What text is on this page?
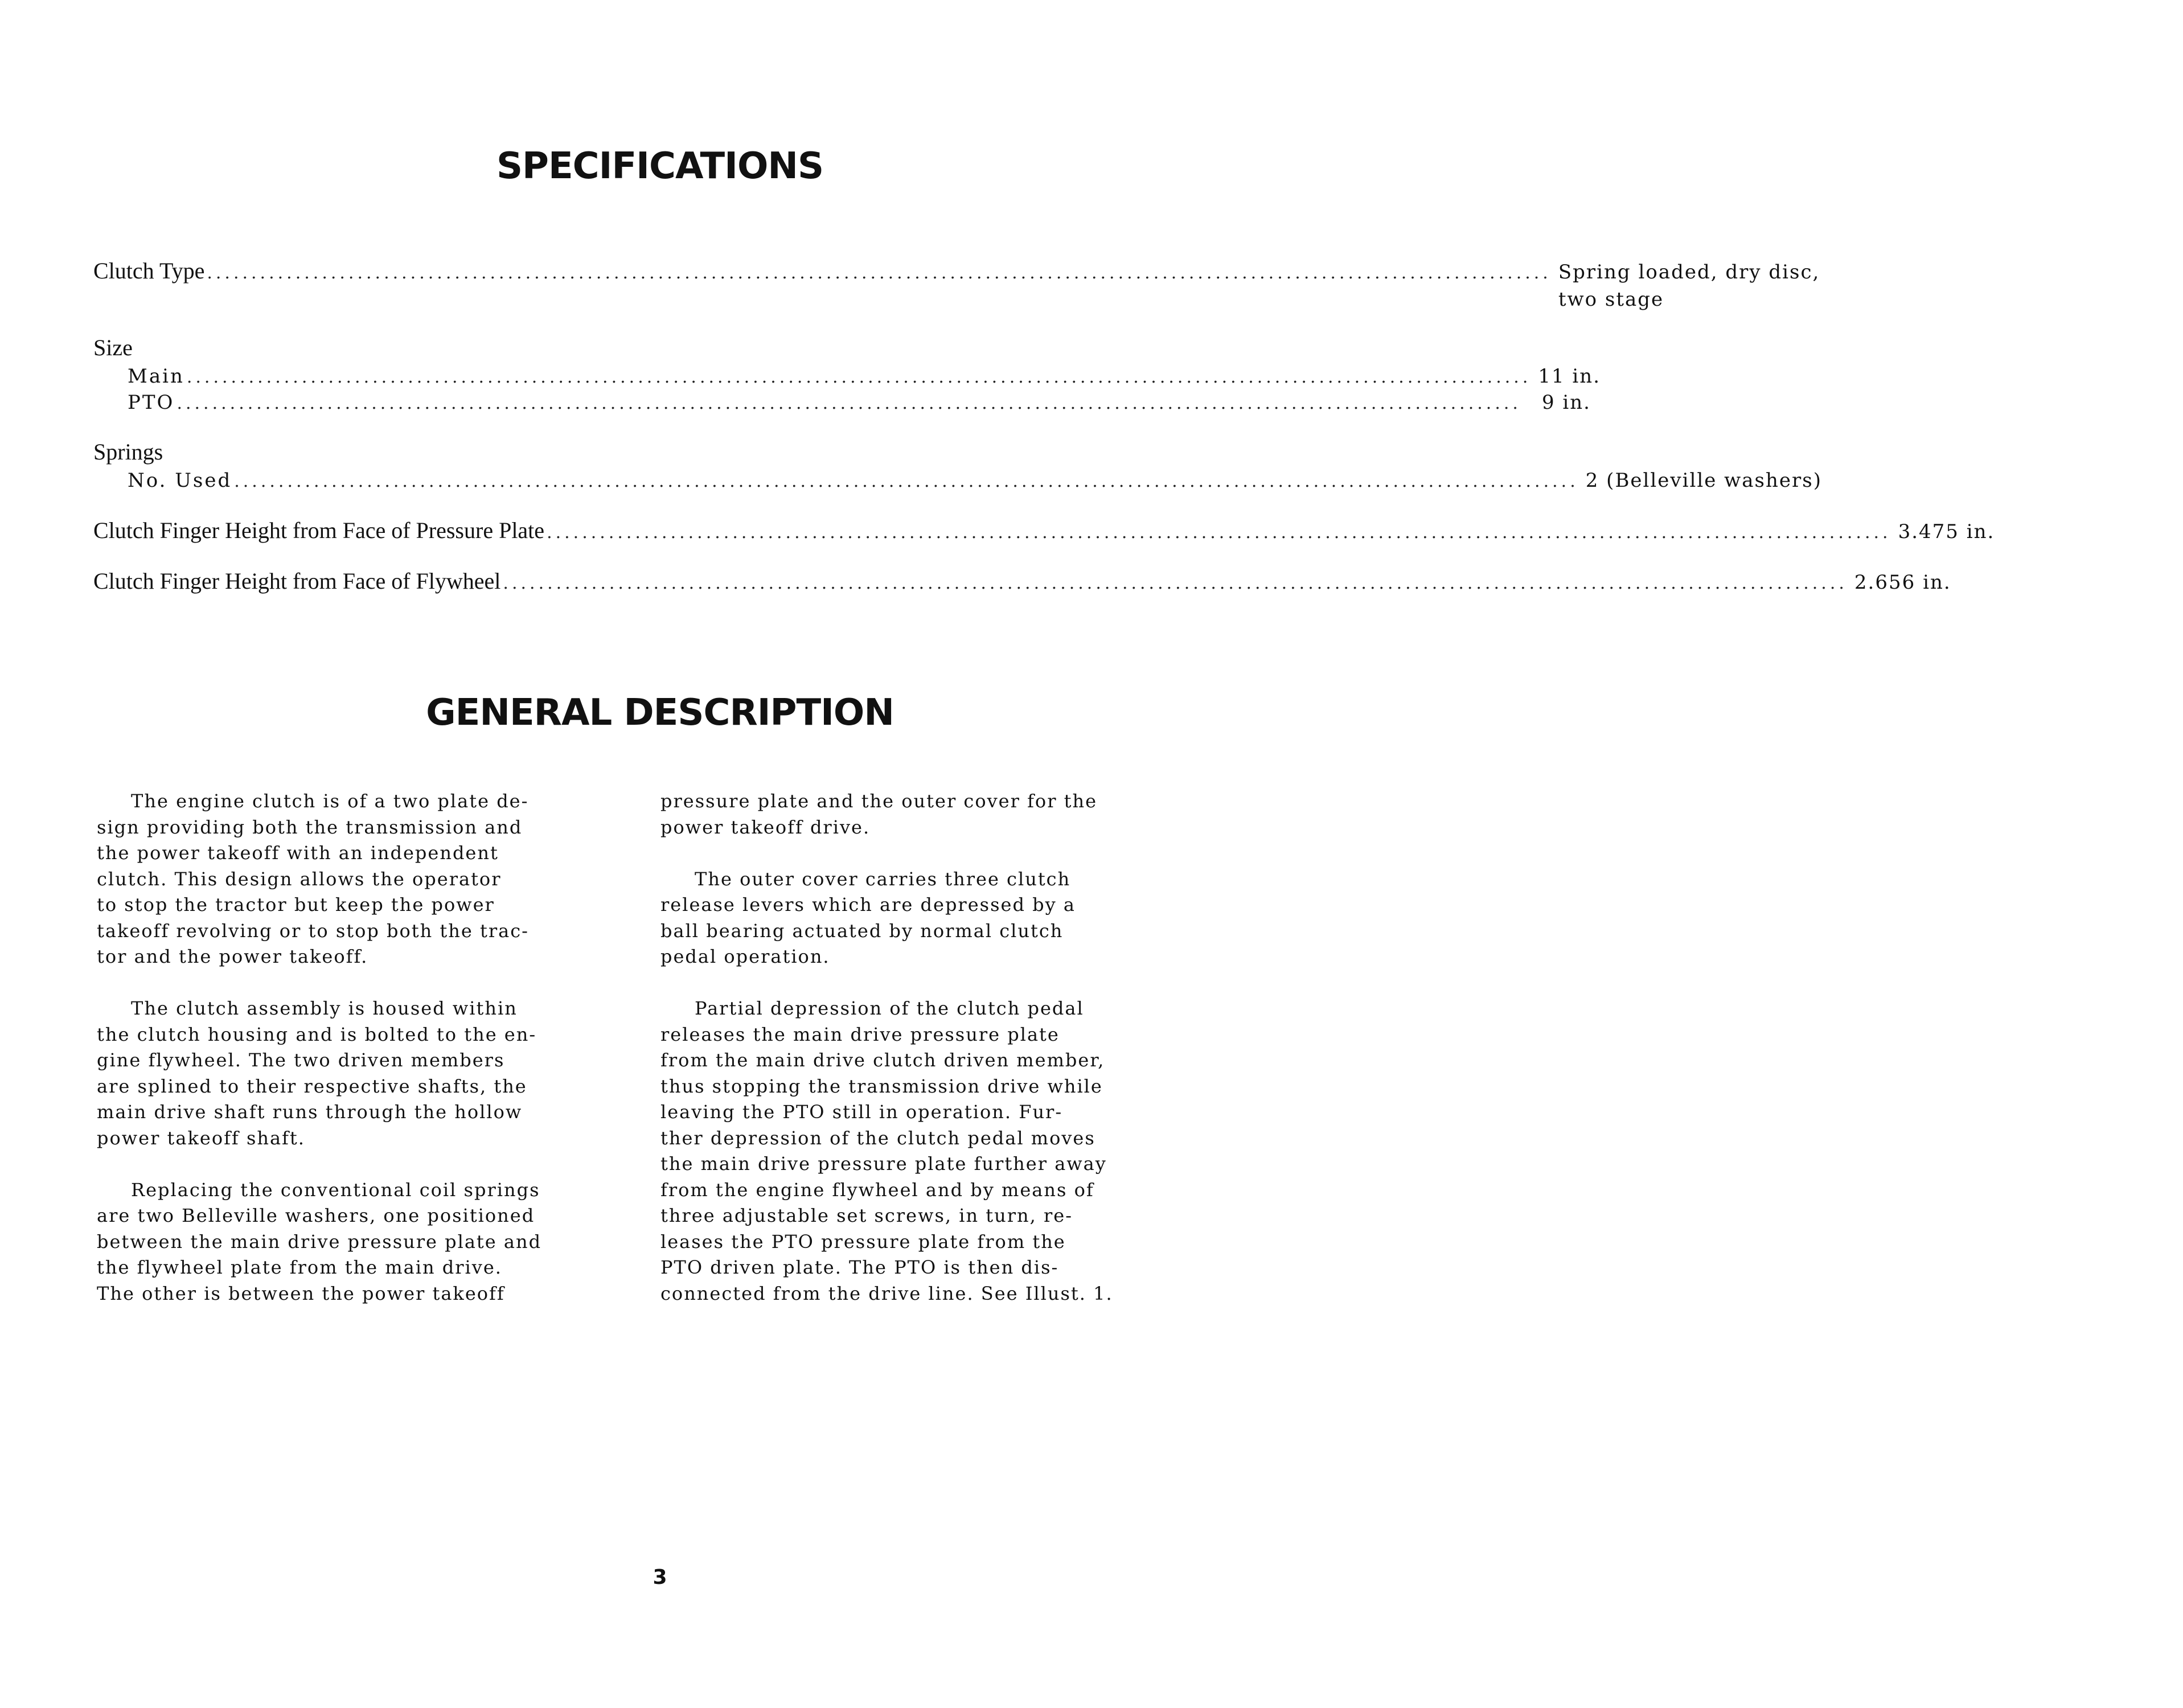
SPECIFICATIONS
Clutch Type ........................................................................................................................................................ Spring loaded, dry disc,
two stage
Size
Main ........................................................................................................................................................ 11 in.
PTO ........................................................................................................................................................	9 in.
Springs
No. Used ........................................................................................................................................................ 2 (Belleville washers)
Clutch Finger Height from Face of Pressure Plate ........................................................................................................................................................ 3.475 in.
Clutch Finger Height from Face of Flywheel ........................................................................................................................................................ 2.656 in.
GENERAL DESCRIPTION
The engine clutch is of a two plate de-
sign providing both the transmission and
the power takeoff with an independent
clutch. This design allows the operator
to stop the tractor but keep the power
takeoff revolving or to stop both the trac-
tor and the power takeoff.
The clutch assembly is housed within
the clutch housing and is bolted to the en-
gine flywheel. The two driven members
are splined to their respective shafts, the
main drive shaft runs through the hollow
power takeoff shaft.
Replacing the conventional coil springs
are two Belleville washers, one positioned
between the main drive pressure plate and
the flywheel plate from the main drive.
The other is between the power takeoff
pressure plate and the outer cover for the
power takeoff drive.
The outer cover carries three clutch
release levers which are depressed by a
ball bearing actuated by normal clutch
pedal operation.
Partial depression of the clutch pedal
releases the main drive pressure plate
from the main drive clutch driven member,
thus stopping the transmission drive while
leaving the PTO still in operation. Fur-
ther depression of the clutch pedal moves
the main drive pressure plate further away
from the engine flywheel and by means of
three adjustable set screws, in turn, re-
leases the PTO pressure plate from the
PTO driven plate. The PTO is then dis-
connected from the drive line. See Illust. 1.
3
